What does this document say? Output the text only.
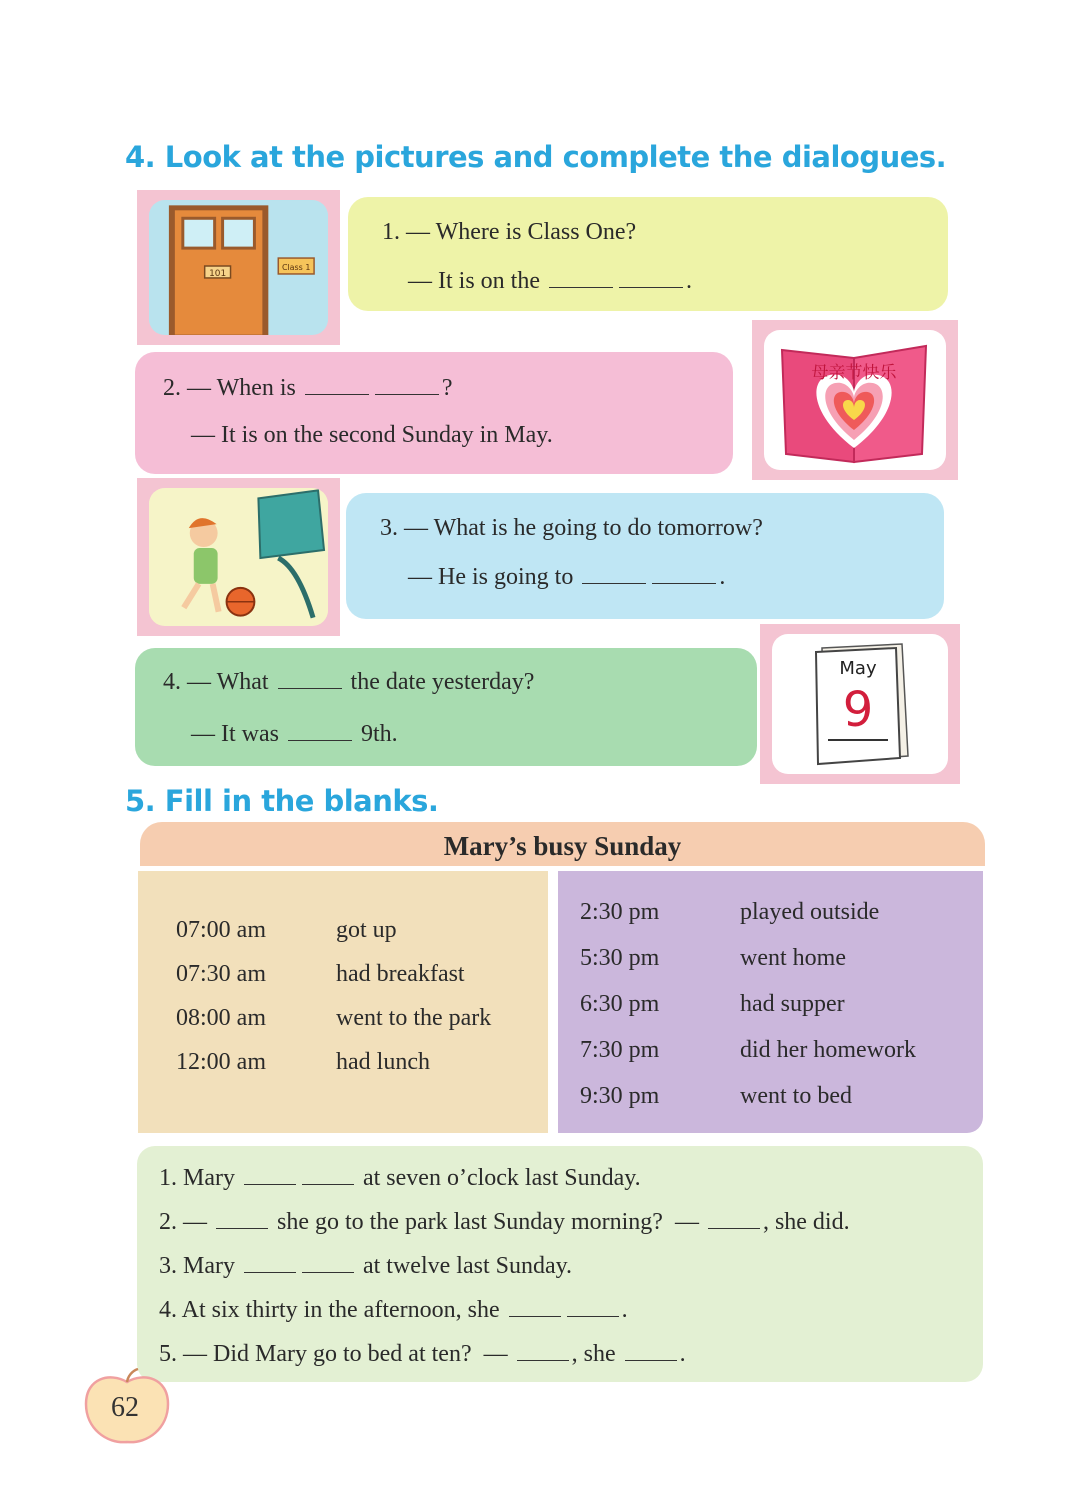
4. Look at the pictures and complete the dialogues.
101
Class 1
1. — Where is Class One?
— It is on the	.
2. — When is	?
— It is on the second Sunday in May.
母亲节快乐
3. — What is he going to do tomorrow?
— He is going to	.
4. — What	the date yesterday?
— It was	9th.
May
9
5. Fill in the blanks.
Mary’s busy Sunday
07:00 am	got up
07:30 am	had breakfast
08:00 am	went to the park
12:00 am	had lunch
2:30 pm	played outside
5:30 pm	went home
6:30 pm	had supper
7:30 pm	did her homework
9:30 pm	went to bed
1. Mary	at seven o’clock last Sunday.
2. —	she go to the park last Sunday morning? —	, she did.
3. Mary	at twelve last Sunday.
4. At six thirty in the afternoon, she	.
5. — Did Mary go to bed at ten? —	, she	.
62
